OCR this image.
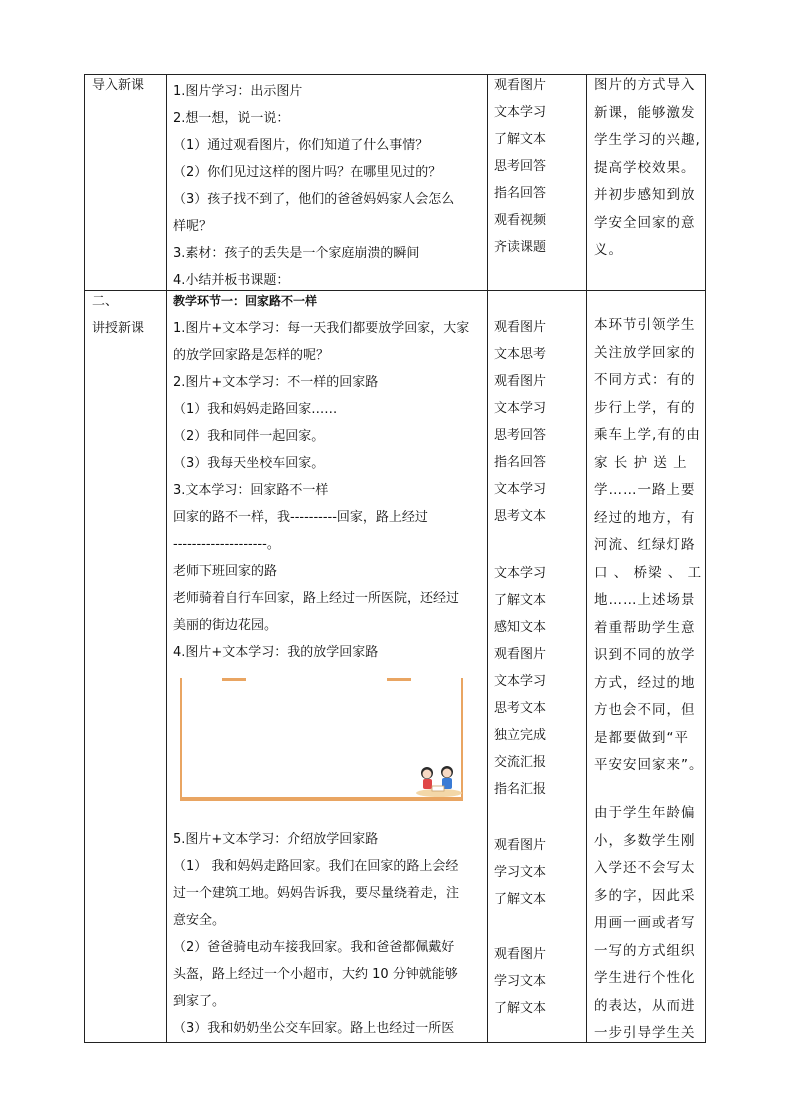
导入新课 1.图片学习：出示图片
2.想一想，说一说：
（1）通过观看图片，你们知道了什么事情？
（2）你们见过这样的图片吗？在哪里见过的？
（3）孩子找不到了，他们的爸爸妈妈家人会怎么
样呢？
3.素材：孩子的丢失是一个家庭崩溃的瞬间
4.小结并板书课题：
观看图片
文本学习
了解文本
思考回答
指名回答
观看视频
齐读课题
图片的方式导入
新课，能够激发
学生学习的兴趣,
提高学校效果。
并初步感知到放
学安全回家的意
义。
二、
讲授新课
教学环节一：回家路不一样
1.图片+文本学习：每一天我们都要放学回家，大家
的放学回家路是怎样的呢？
2.图片+文本学习：不一样的回家路
（1）我和妈妈走路回家……
（2）我和同伴一起回家。
（3）我每天坐校车回家。
3.文本学习：回家路不一样
回家的路不一样，我----------回家，路上经过
--------------------。
老师下班回家的路
老师骑着自行车回家，路上经过一所医院，还经过
美丽的街边花园。
4.图片+文本学习：我的放学回家路
5.图片+文本学习：介绍放学回家路
（1） 我和妈妈走路回家。我们在回家的路上会经
过一个建筑工地。妈妈告诉我，要尽量绕着走，注
意安全。
（2）爸爸骑电动车接我回家。我和爸爸都佩戴好
头盔，路上经过一个小超市，大约 10 分钟就能够
到家了。
（3）我和奶奶坐公交车回家。路上也经过一所医
观看图片
文本思考
观看图片
文本学习
思考回答
指名回答
文本学习
思考文本
文本学习
了解文本
感知文本
观看图片
文本学习
思考文本
独立完成
交流汇报
指名汇报
观看图片
学习文本
了解文本
观看图片
学习文本
了解文本
本环节引领学生
关注放学回家的
不同方式：有的
步行上学，有的
乘车上学,有的由
家 长 护 送 上
学……一路上要
经过的地方，有
河流、红绿灯路
口 、 桥梁 、 工
地……上述场景
着重帮助学生意
识到不同的放学
方式，经过的地
方也会不同，但
是都要做到“平
平安安回家来”。
由于学生年龄偏
小，多数学生刚
入学还不会写太
多的字，因此采
用画一画或者写
一写的方式组织
学生进行个性化
的表达，从而进
一步引导学生关
